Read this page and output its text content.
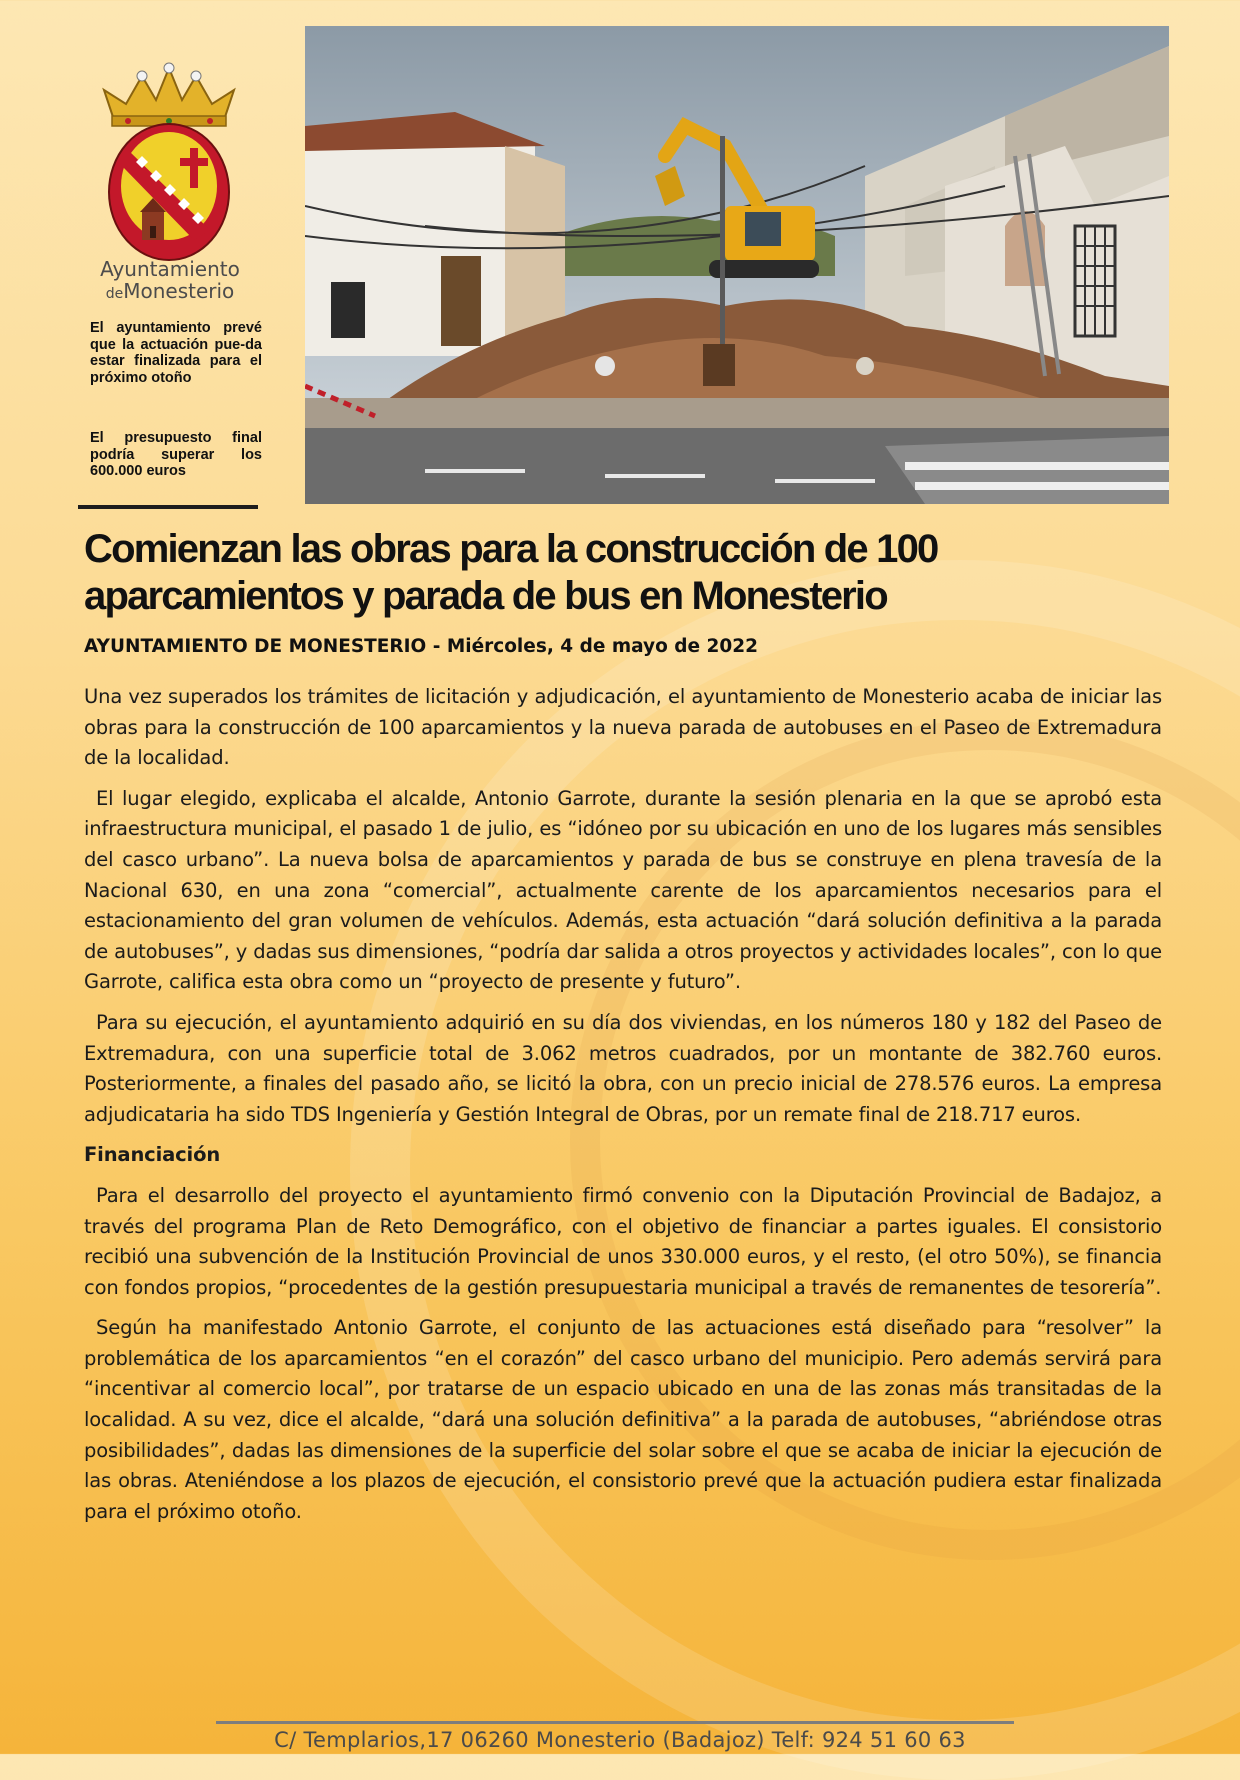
Ayuntamiento
deMonesterio
El ayuntamiento prevé que la actuación pue-da estar finalizada para el próximo otoño
El presupuesto final podría superar los 600.000 euros
Comienzan las obras para la construcción de 100 aparcamientos y parada de bus en Monesterio

AYUNTAMIENTO DE MONESTERIO - Miércoles, 4 de mayo de 2022

Una vez superados los trámites de licitación y adjudicación, el ayuntamiento de Monesterio acaba de iniciar las obras para la construcción de 100 aparcamientos y la nueva parada de autobuses en el Paseo de Extremadura de la localidad.

El lugar elegido, explicaba el alcalde, Antonio Garrote, durante la sesión plenaria en la que se aprobó esta infraestructura municipal, el pasado 1 de julio, es “idóneo por su ubicación en uno de los lugares más sensibles del casco urbano”. La nueva bolsa de aparcamientos y parada de bus se construye en plena travesía de la Nacional 630, en una zona “comercial”, actualmente carente de los aparcamientos necesarios para el estacionamiento del gran volumen de vehículos. Además, esta actuación “dará solución definitiva a la parada de autobuses”, y dadas sus dimensiones, “podría dar salida a otros proyectos y actividades locales”, con lo que Garrote, califica esta obra como un “proyecto de presente y futuro”.

Para su ejecución, el ayuntamiento adquirió en su día dos viviendas, en los números 180 y 182 del Paseo de Extremadura, con una superficie total de 3.062 metros cuadrados, por un montante de 382.760 euros. Posteriormente, a finales del pasado año, se licitó la obra, con un precio inicial de 278.576 euros. La empresa adjudicataria ha sido TDS Ingeniería y Gestión Integral de Obras, por un remate final de 218.717 euros.

Financiación

Para el desarrollo del proyecto el ayuntamiento firmó convenio con la Diputación Provincial de Badajoz, a través del programa Plan de Reto Demográfico, con el objetivo de financiar a partes iguales. El consistorio recibió una subvención de la Institución Provincial de unos 330.000 euros, y el resto, (el otro 50%), se financia con fondos propios, “procedentes de la gestión presupuestaria municipal a través de remanentes de tesorería”.

Según ha manifestado Antonio Garrote, el conjunto de las actuaciones está diseñado para “resolver” la problemática de los aparcamientos “en el corazón” del casco urbano del municipio. Pero además servirá para “incentivar al comercio local”, por tratarse de un espacio ubicado en una de las zonas más transitadas de la localidad. A su vez, dice el alcalde, “dará una solución definitiva” a la parada de autobuses, “abriéndose otras posibilidades”, dadas las dimensiones de la superficie del solar sobre el que se acaba de iniciar la ejecución de las obras. Ateniéndose a los plazos de ejecución, el consistorio prevé que la actuación pudiera estar finalizada para el próximo otoño.

C/ Templarios,17 06260 Monesterio (Badajoz) Telf: 924 51 60 63
